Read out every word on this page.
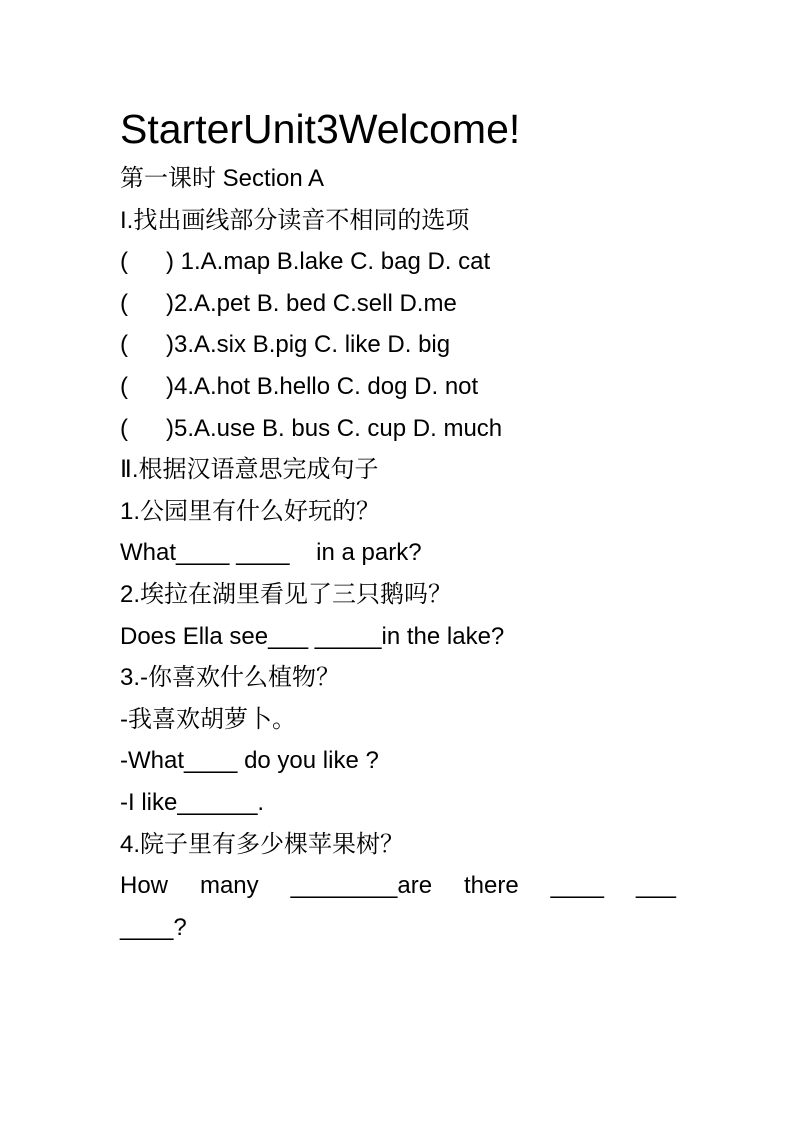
StarterUnit3Welcome!
第一课时 Section A
I.找出画线部分读音不相同的选项
( ) 1.A.map B.lake C. bag D. cat
( )2.A.pet B. bed C.sell D.me
( )3.A.six B.pig C. like D. big
( )4.A.hot B.hello C. dog D. not
( )5.A.use B. bus C. cup D. much
Ⅱ.根据汉语意思完成句子
1.公园里有什么好玩的？
What____ ____    in a park?
2.埃拉在湖里看见了三只鹅吗？
Does Ella see___ _____in the lake?
3.-你喜欢什么植物？
-我喜欢胡萝卜。
-What____ do you like ?
-I like______.
4.院子里有多少棵苹果树？
How many ________are there ____ ___
____?
